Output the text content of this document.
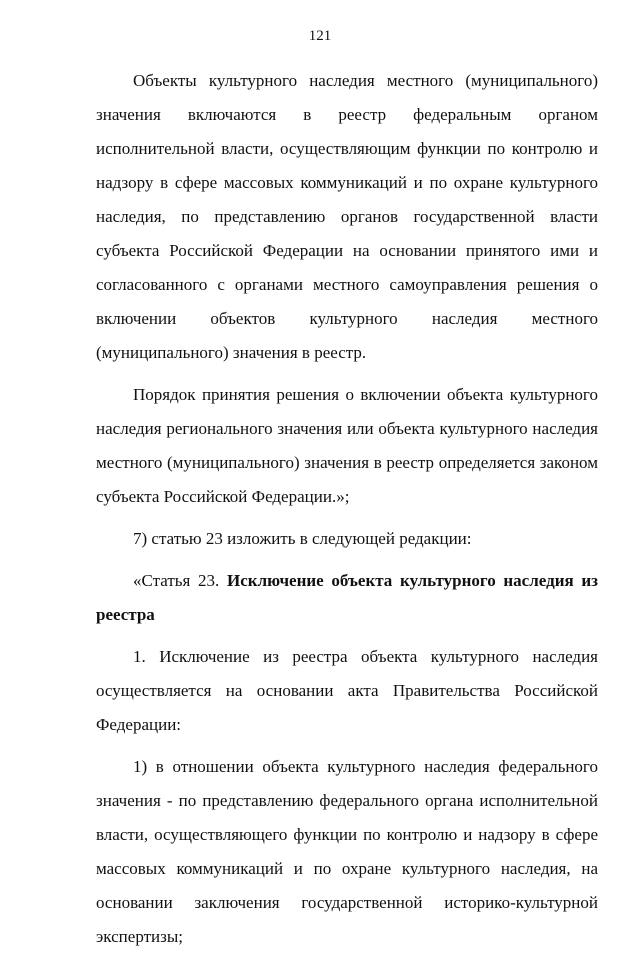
121

Объекты культурного наследия местного (муниципального) значения включаются в реестр федеральным органом исполнительной власти, осуществляющим функции по контролю и надзору в сфере массовых коммуникаций и по охране культурного наследия, по представлению органов государственной власти субъекта Российской Федерации на основании принятого ими и согласованного с органами местного самоуправления решения о включении объектов культурного наследия местного (муниципального) значения в реестр.

Порядок принятия решения о включении объекта культурного наследия регионального значения или объекта культурного наследия местного (муниципального) значения в реестр определяется законом субъекта Российской Федерации.»;

7) статью 23 изложить в следующей редакции:

«Статья 23. Исключение объекта культурного наследия из реестра

1. Исключение из реестра объекта культурного наследия осуществляется на основании акта Правительства Российской Федерации:

1) в отношении объекта культурного наследия федерального значения - по представлению федерального органа исполнительной власти, осуществляющего функции по контролю и надзору в сфере массовых коммуникаций и по охране культурного наследия, на основании заключения государственной историко-культурной экспертизы;
